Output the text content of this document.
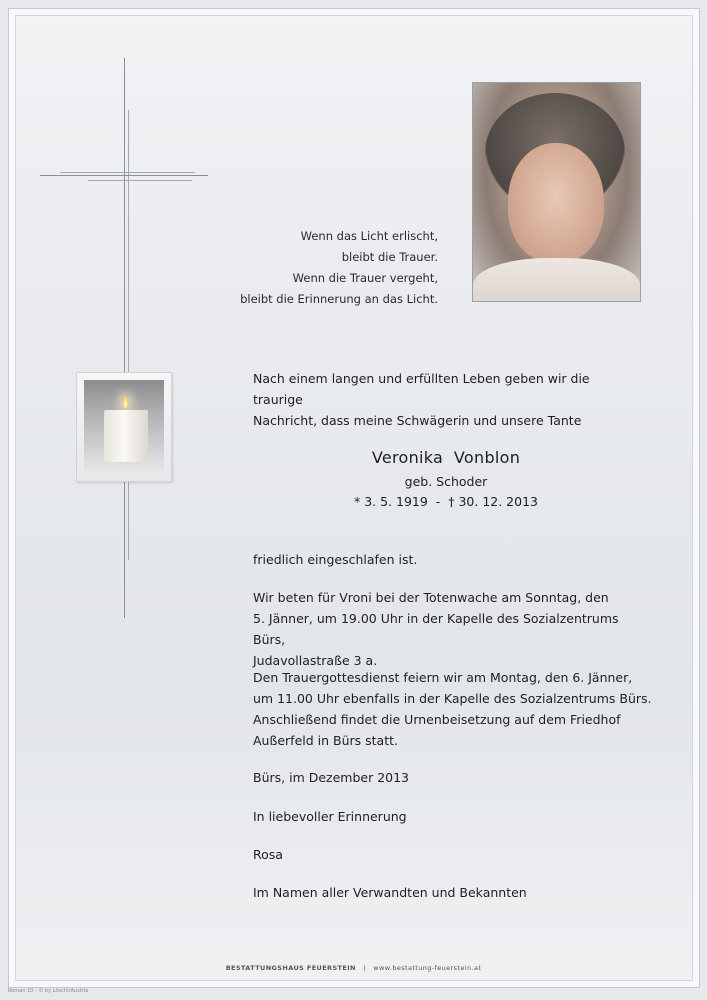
Wenn das Licht erlischt,
bleibt die Trauer.
Wenn die Trauer vergeht,
bleibt die Erinnerung an das Licht.
Nach einem langen und erfüllten Leben geben wir die traurige
Nachricht, dass meine Schwägerin und unsere Tante
Veronika  Vonblon
geb. Schoder
* 3. 5. 1919  -  † 30. 12. 2013
friedlich eingeschlafen ist.
Wir beten für Vroni bei der Totenwache am Sonntag, den
5. Jänner, um 19.00 Uhr in der Kapelle des Sozialzentrums Bürs,
Judavollastraße 3 a.
Den Trauergottesdienst feiern wir am Montag, den 6. Jänner,
um 11.00 Uhr ebenfalls in der Kapelle des Sozialzentrums Bürs.
Anschließend findet die Urnenbeisetzung auf dem Friedhof
Außerfeld in Bürs statt.
Bürs, im Dezember 2013
In liebevoller Erinnerung
Rosa
Im Namen aller Verwandten und Bekannten
BESTATTUNGSHAUS FEUERSTEIN | www.bestattung-feuerstein.at
Roman 10 - © by Löscht/Austria
